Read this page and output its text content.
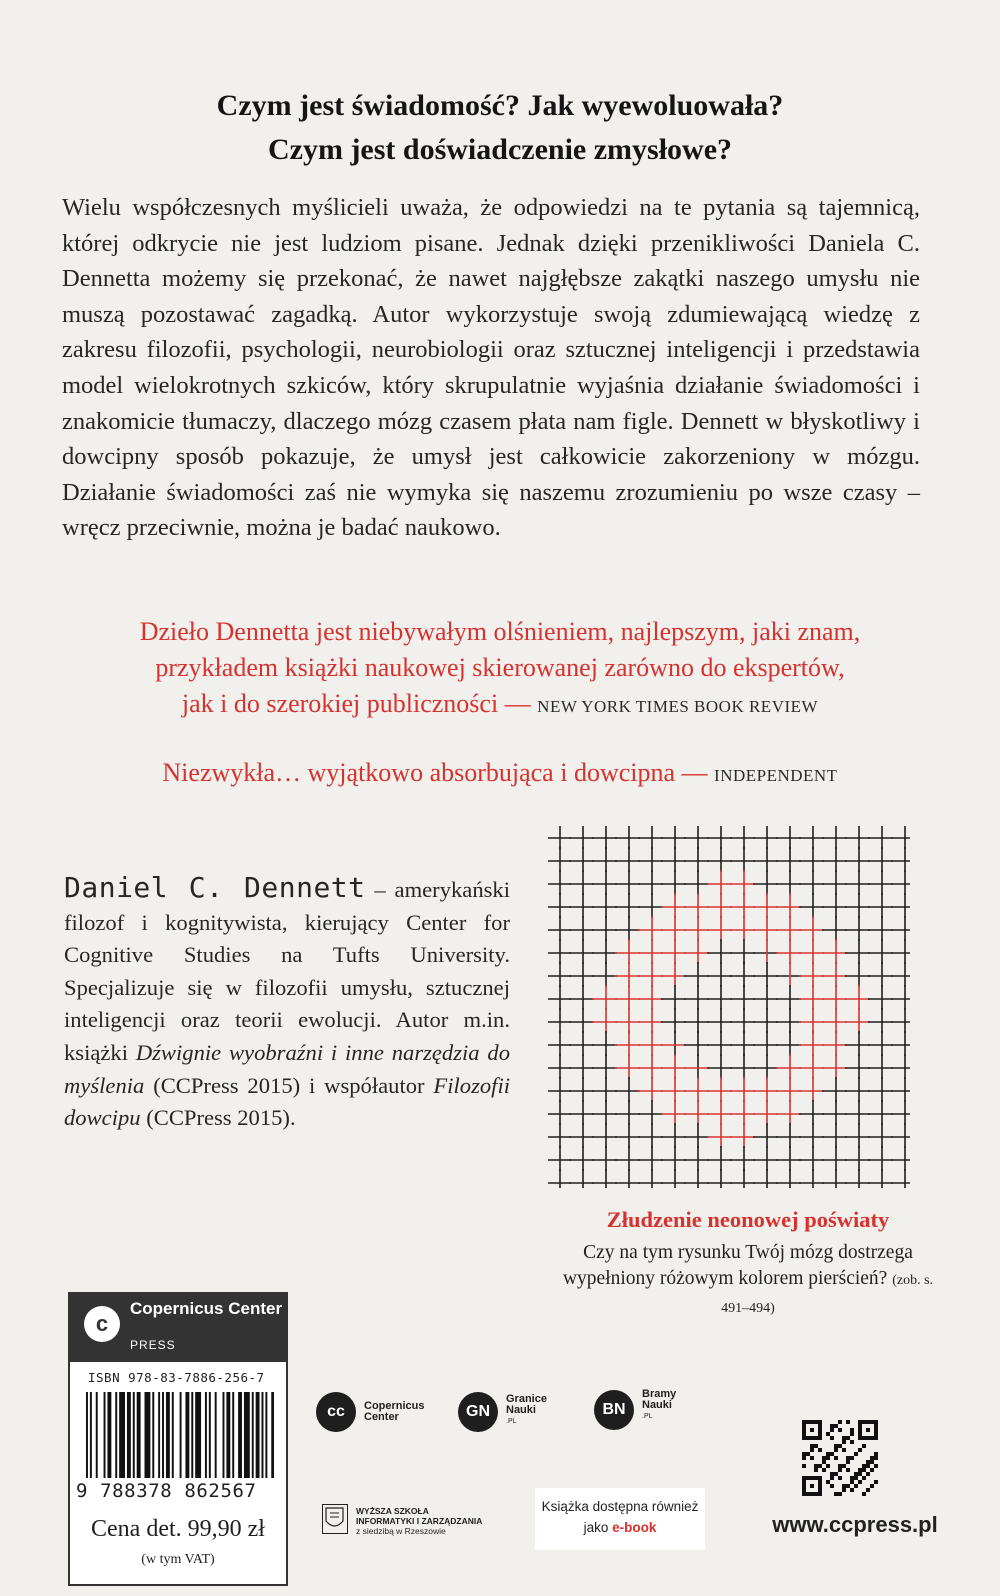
Czym jest świadomość? Jak wyewoluowała?
Czym jest doświadczenie zmysłowe?
Wielu współczesnych myślicieli uważa, że odpowiedzi na te pytania są tajemnicą, której odkrycie nie jest ludziom pisane. Jednak dzięki przenikliwości Daniela C. Dennetta możemy się przekonać, że nawet najgłębsze zakątki naszego umysłu nie muszą pozostawać zagadką. Autor wykorzystuje swoją zdumiewającą wiedzę z zakresu filozofii, psychologii, neurobiologii oraz sztucznej inteligencji i przedstawia model wielokrotnych szkiców, który skrupulatnie wyjaśnia działanie świadomości i znakomicie tłumaczy, dlaczego mózg czasem płata nam figle. Dennett w błyskotliwy i dowcipny sposób pokazuje, że umysł jest całkowicie zakorzeniony w mózgu. Działanie świadomości zaś nie wymyka się naszemu zrozumieniu po wsze czasy – wręcz przeciwnie, można je badać naukowo.
Dzieło Dennetta jest niebywałym olśnieniem, najlepszym, jaki znam,
przykładem książki naukowej skierowanej zarówno do ekspertów,
jak i do szerokiej publiczności — NEW YORK TIMES BOOK REVIEW
Niezwykła… wyjątkowo absorbująca i dowcipna — INDEPENDENT
Daniel C. Dennett – amerykański filozof i kognitywista, kierujący Center for Cognitive Studies na Tufts University. Specjalizuje się w filozofii umysłu, sztucznej inteligencji oraz teorii ewolucji. Autor m.in. książki Dźwignie wyobraźni i inne narzędzia do myślenia (CCPress 2015) i współautor Filozofii dowcipu (CCPress 2015).
Złudzenie neonowej poświaty
Czy na tym rysunku Twój mózg dostrzega wypełniony różowym kolorem pierścień? (zob. s. 491–494)
c
Copernicus Center
PRESS
ISBN 978-83-7886-256-7
9 788378 862567
Cena det. 99,90 zł
(w tym VAT)
cc	Copernicus
Center	GN
Granice
Nauki
.PL
BN
Bramy
Nauki
.PL
WYŻSZA SZKOŁA
INFORMATYKI I ZARZĄDZANIA
z siedzibą w Rzeszowie
Książka dostępna również
jako e-book	www.ccpress.pl
